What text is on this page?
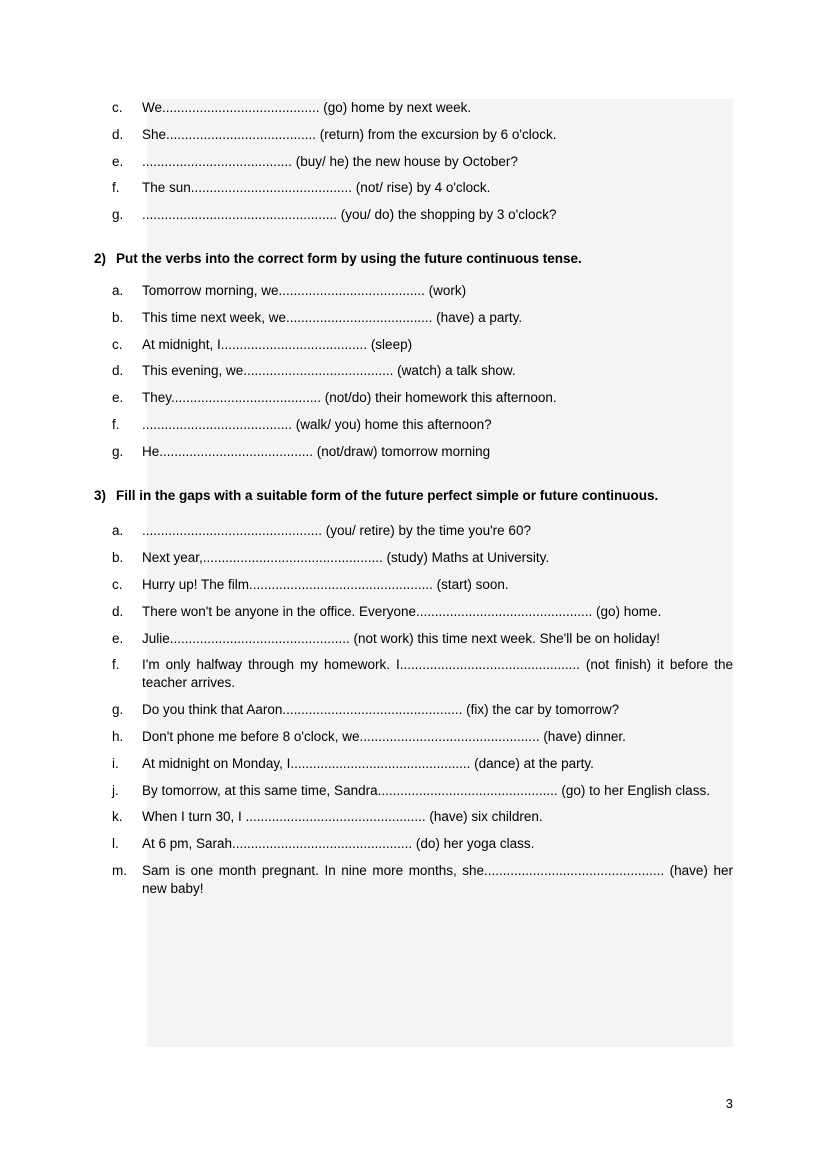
c.	We.......................................... (go) home by next week.
d.	She........................................ (return) from the excursion by 6 o'clock.
e.	........................................ (buy/ he) the new house by October?
f.	The sun........................................... (not/ rise) by 4 o'clock.
g.	.................................................... (you/ do) the shopping by 3 o'clock?
2) Put the verbs into the correct form by using the future continuous tense.
a.	Tomorrow morning, we....................................... (work)
b.	This time next week, we....................................... (have) a party.
c.	At midnight, I....................................... (sleep)
d.	This evening, we........................................ (watch) a talk show.
e.	They........................................ (not/do) their homework this afternoon.
f.	........................................ (walk/ you) home this afternoon?
g.	He......................................... (not/draw) tomorrow morning
3) Fill in the gaps with a suitable form of the future perfect simple or future continuous.
a.	................................................ (you/ retire) by the time you're 60?
b.	Next year,................................................ (study) Maths at University.
c.	Hurry up! The film................................................. (start) soon.
d.	There won't be anyone in the office. Everyone............................................... (go) home.
e.	Julie................................................ (not work) this time next week. She'll be on holiday!
f.	I'm only halfway through my homework. I................................................ (not finish) it before the teacher arrives.
g.	Do you think that Aaron................................................ (fix) the car by tomorrow?
h.	Don't phone me before 8 o'clock, we................................................ (have) dinner.
i.	At midnight on Monday, I................................................ (dance) at the party.
j.	By tomorrow, at this same time, Sandra................................................ (go) to her English class.
k.	When I turn 30, I ................................................ (have) six children.
l.	At 6 pm, Sarah................................................ (do) her yoga class.
m.	Sam is one month pregnant. In nine more months, she................................................ (have) her new baby!
3
